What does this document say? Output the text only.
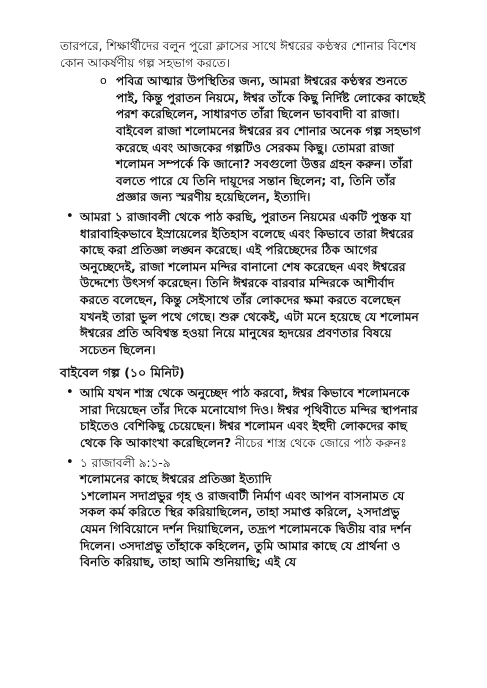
তারপরে, শিক্ষার্থীদের বলুন পুরো ক্লাসের সাথে ঈশ্বরের কণ্ঠস্বর শোনার বিশেষ কোন আকর্ষণীয় গল্প সহভাগ করতে।

o পবিত্র আত্মার উপস্থিতির জন্য, আমরা ঈশ্বরের কণ্ঠস্বর শুনতে পাই, কিন্তু পুরাতন নিয়মে, ঈশ্বর তাঁকে কিছু নির্দিষ্ট লোকের কাছেই পরশ করেছিলেন, সাধারণত তাঁরা ছিলেন ভাববাদী বা রাজা। বাইবেল রাজা শলোমনের ঈশ্বরের রব শোনার অনেক গল্প সহভাগ করেছে এবং আজকের গল্পটিও সেরকম কিছু। তোমরা রাজা শলোমন সম্পর্কে কি জানো? সবগুলো উত্তর গ্রহন করুন। তাঁরা বলতে পারে যে তিনি দায়ূদের সন্তান ছিলেন; বা, তিনি তাঁর প্রজ্ঞার জন্য স্মরণীয় হয়েছিলেন, ইত্যাদি।

• আমরা ১ রাজাবলী থেকে পাঠ করছি, পুরাতন নিয়মের একটি পুস্তক যা ধারাবাহিকভাবে ইস্রায়েলের ইতিহাস বলেছে এবং কিভাবে তারা ঈশ্বরের কাছে করা প্রতিজ্ঞা লঙ্ঘন করেছে। এই পরিচ্ছেদের ঠিক আগের অনুচ্ছেদেই, রাজা শলোমন মন্দির বানানো শেষ করেছেন এবং ঈশ্বরের উদ্দেশ্যে উৎসর্গ করেছেন। তিনি ঈশ্বরকে বারবার মন্দিরকে আশীর্বাদ করতে বলেছেন, কিন্তু সেইসাথে তাঁর লোকদের ক্ষমা করতে বলেছেন যখনই তারা ভুল পথে গেছে। শুরু থেকেই, এটা মনে হয়েছে যে শলোমন ঈশ্বরের প্রতি অবিশ্বস্ত হওয়া নিয়ে মানুষের হৃদয়ের প্রবণতার বিষয়ে সচেতন ছিলেন।

বাইবেল গল্প (১০ মিনিট)

• আমি যখন শাস্ত্র থেকে অনুচ্ছেদ পাঠ করবো, ঈশ্বর কিভাবে শলোমনকে সারা দিয়েছেন তাঁর দিকে মনোযোগ দিও। ঈশ্বর পৃথিবীতে মন্দির স্থাপনার চাইতেও বেশিকিছু চেয়েছেন। ঈশ্বর শলোমন এবং ইহুদী লোকদের কাছ থেকে কি আকাংখা করেছিলেন? নীচের শাস্ত্র থেকে জোরে পাঠ করুনঃ

• ১ রাজাবলী ৯:১-৯

শলোমনের কাছে ঈশ্বরের প্রতিজ্ঞা ইত্যাদি

১শলোমন সদাপ্রভুর গৃহ ও রাজবাটী নির্মাণ এবং আপন বাসনামত যে সকল কর্ম করিতে স্থির করিয়াছিলেন, তাহা সমাপ্ত করিলে, ২সদাপ্রভু যেমন গিবিয়োনে দর্শন দিয়াছিলেন, তদ্রূপ শলোমনকে দ্বিতীয় বার দর্শন দিলেন। ৩সদাপ্রভু তাঁহাকে কহিলেন, তুমি আমার কাছে যে প্রার্থনা ও বিনতি করিয়াছ, তাহা আমি শুনিয়াছি; এই যে
